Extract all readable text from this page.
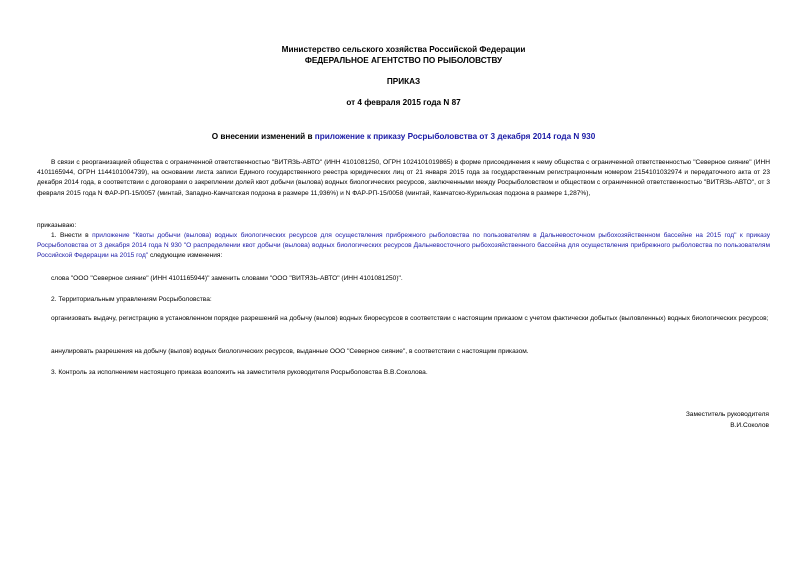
Министерство сельского хозяйства Российской Федерации
ФЕДЕРАЛЬНОЕ АГЕНТСТВО ПО РЫБОЛОВСТВУ
ПРИКАЗ
от 4 февраля 2015 года N 87
О внесении изменений в приложение к приказу Росрыболовства от 3 декабря 2014 года N 930

В связи с реорганизацией общества с ограниченной ответственностью "ВИТЯЗЬ-АВТО" (ИНН 4101081250, ОГРН 1024101019865) в форме присоединения к нему общества с ограниченной ответственностью "Северное сияние" (ИНН 4101165944, ОГРН 1144101004739), на основании листа записи Единого государственного реестра юридических лиц от 21 января 2015 года за государственным регистрационным номером 2154101032974 и передаточного акта от 23 декабря 2014 года, в соответствии с договорами о закреплении долей квот добычи (вылова) водных биологических ресурсов, заключенными между Росрыболовством и обществом с ограниченной ответственностью "ВИТЯЗЬ-АВТО", от 3 февраля 2015 года N ФАР-РП-15/0057 (минтай, Западно-Камчатская подзона в размере 11,936%) и N ФАР-РП-15/0058 (минтай, Камчатско-Курильская подзона в размере 1,287%),

приказываю:

1. Внести в приложение "Квоты добычи (вылова) водных биологических ресурсов для осуществления прибрежного рыболовства по пользователям в Дальневосточном рыбохозяйственном бассейне на 2015 год" к приказу Росрыболовства от 3 декабря 2014 года N 930 "О распределении квот добычи (вылова) водных биологических ресурсов Дальневосточного рыбохозяйственного бассейна для осуществления прибрежного рыболовства по пользователям Российской Федерации на 2015 год" следующие изменения:

слова "ООО "Северное сияние" (ИНН 4101165944)" заменить словами "ООО "ВИТЯЗЬ-АВТО" (ИНН 4101081250)".
2. Территориальным управлениям Росрыболовства:

организовать выдачу, регистрацию в установленном порядке разрешений на добычу (вылов) водных биоресурсов в соответствии с настоящим приказом с учетом фактически добытых (выловленных) водных биологических ресурсов;

аннулировать разрешения на добычу (вылов) водных биологических ресурсов, выданные ООО "Северное сияние", в соответствии с настоящим приказом.
3. Контроль за исполнением настоящего приказа возложить на заместителя руководителя Росрыболовства В.В.Соколова.
Заместитель руководителя
В.И.Соколов
